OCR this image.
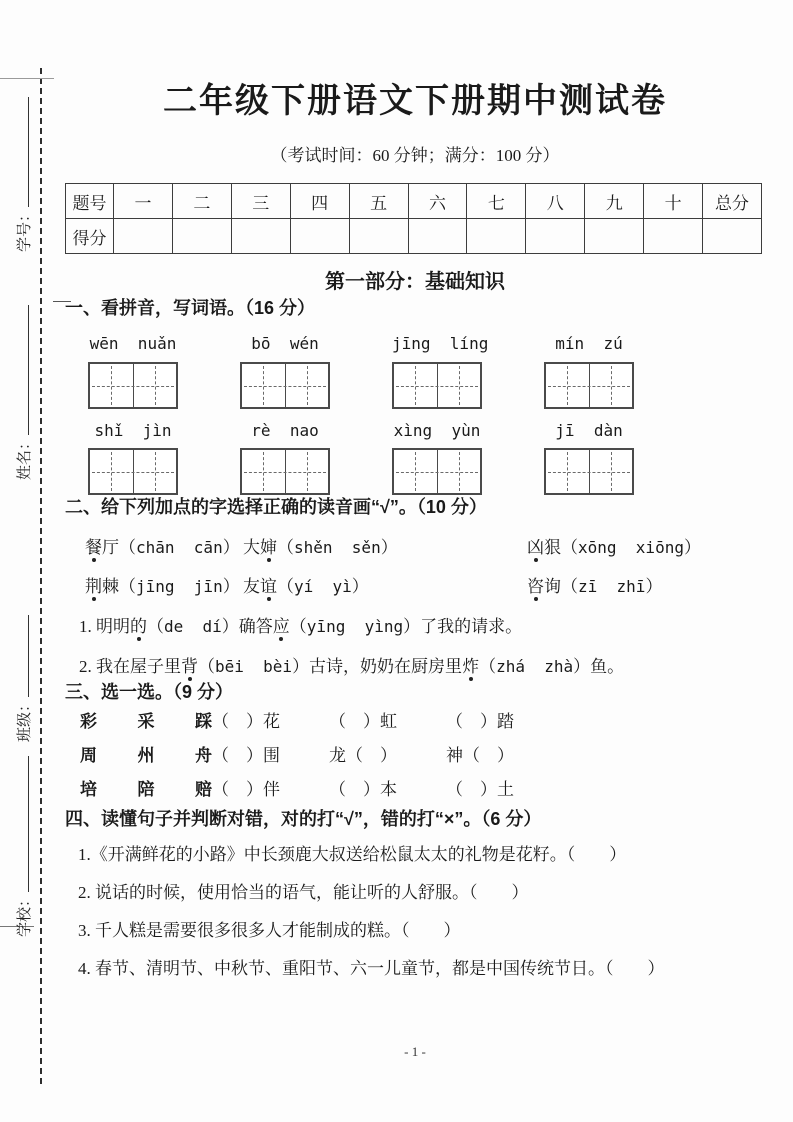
学号：
姓名：
班级：
学校：
二年级下册语文下册期中测试卷
（考试时间：60 分钟；满分：100 分）
题号	一	二	三	四	五	六	七	八	九	十	总分
得分											
第一部分：基础知识
一、看拼音，写词语。（16 分）
wēn  nuǎn	bō  wén	jīng  líng	mín  zú
shǐ  jìn	rè  nao	xìng  yùn	jī  dàn
二、给下列加点的字选择正确的读音画“√”。（10 分）
餐厅（chān  cān） 大婶（shěn  sěn）	凶狠（xōng  xiōng）
荆棘（jīng  jīn） 友谊（yí  yì）	咨询（zī  zhī）

1. 明明的（de  dí）确答应（yīng  yìng）了我的请求。

2. 我在屋子里背（bēi  bèi）古诗，奶奶在厨房里炸（zhá  zhà）鱼。

三、选一选。（9 分）
彩 采 踩 （　）花	（　）虹	（　）踏
周 州 舟 （　）围	龙（　）	神（　）
培 陪 赔 （　）伴	（　）本	（　）土
四、读懂句子并判断对错，对的打“√”，错的打“×”。（6 分）

1.《开满鲜花的小路》中长颈鹿大叔送给松鼠太太的礼物是花籽。（　　）

2. 说话的时候，使用恰当的语气，能让听的人舒服。（　　）

3. 千人糕是需要很多很多人才能制成的糕。（　　）

4. 春节、清明节、中秋节、重阳节、六一儿童节，都是中国传统节日。（　　）

- 1 -
